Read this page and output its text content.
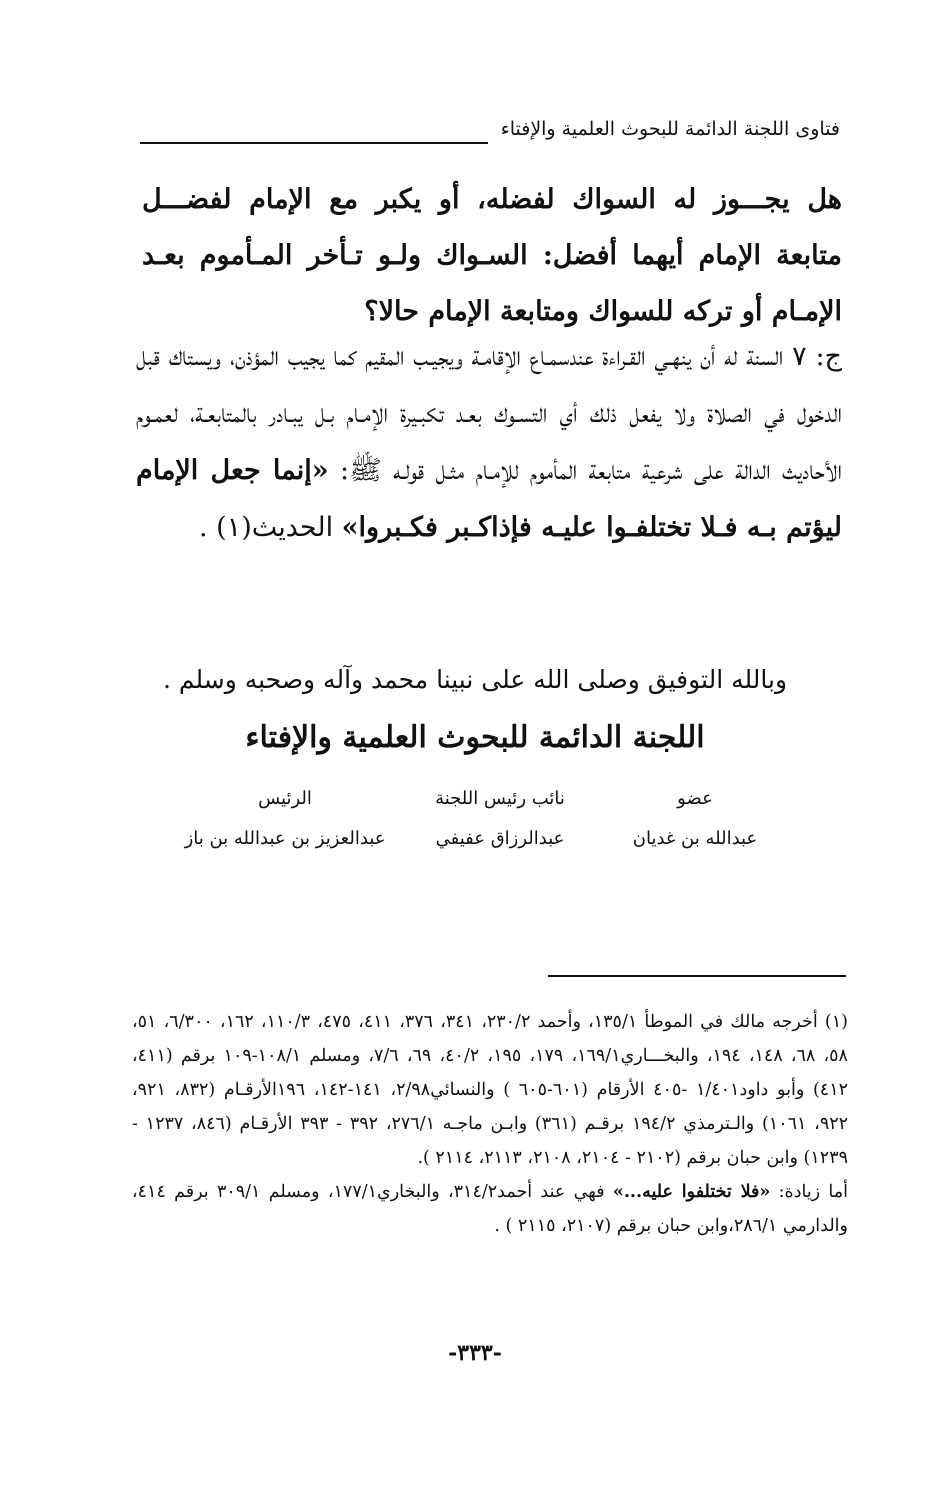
فتاوى اللجنة الدائمة للبحوث العلمية والإفتاء
هل يجـــوز له السواك لفضله، أو يكبر مع الإمام لفضـــل متابعة الإمام أيهما أفضل: السـواك ولـو تـأخر المـأموم بعـد الإمـام أو تركه للسواك ومتابعة الإمام حالا؟
ج: ٧ السنة له أن ينهـي القـراءة عندسمـاع الإقامـة ويجيـب المقيم كما يجيب المؤذن، ويستاك قبل الدخول في الصلاة ولا يفعل ذلك أي التسـوك بعـد تكبـيرة الإمـام بـل يبـادر بالمتابعـة، لعمـوم الأحاديث الدالة على شرعية متابعة المأموم للإمـام مثـل قولـه ﷺ: «إنما جعل الإمام ليؤتم بـه فـلا تختلفـوا عليـه فإذاكـبر فكـبروا» الحديث(١) .
وبالله التوفيق وصلى الله على نبينا محمد وآله وصحبه وسلم .
اللجنة الدائمة للبحوث العلمية والإفتاء
عضو
عبدالله بن غديان
نائب رئيس اللجنة
عبدالرزاق عفيفي
الرئيس
عبدالعزيز بن عبدالله بن باز

(١) أخرجه مالك في الموطأ ١٣٥/١، وأحمد ٢٣٠/٢، ٣٤١، ٣٧٦، ٤١١، ٤٧٥، ١١٠/٣، ١٦٢، ٦/٣٠٠، ٥١، ٥٨، ٦٨، ١٤٨، ١٩٤، والبخـــاري١٦٩/١، ١٧٩، ١٩٥، ٤٠/٢، ٦٩، ٧/٦، ومسلم ١٠٨/١-١٠٩ برقم (٤١١، ٤١٢) وأبو داود١/٤٠١ -٤٠٥ الأرقام (٦٠١-٦٠٥ ) والنسائي٢/٩٨، ١٤١-١٤٢، ١٩٦الأرقـام (٨٣٢، ٩٢١، ٩٢٢، ١٠٦١) والـترمذي ١٩٤/٢ برقـم (٣٦١) وابـن ماجـه ٢٧٦/١، ٣٩٢ - ٣٩٣ الأرقـام (٨٤٦، ١٢٣٧ - ١٢٣٩) وابن حبان برقم (٢١٠٢ - ٢١٠٤، ٢١٠٨، ٢١١٣، ٢١١٤ ).

أما زيادة: «فلا تختلفوا عليه...» فهي عند أحمد٣١٤/٢، والبخاري١٧٧/١، ومسلم ٣٠٩/١ برقم ٤١٤، والدارمي ٢٨٦/١،وابن حبان برقم (٢١٠٧، ٢١١٥ ) .

-٣٣٣-
